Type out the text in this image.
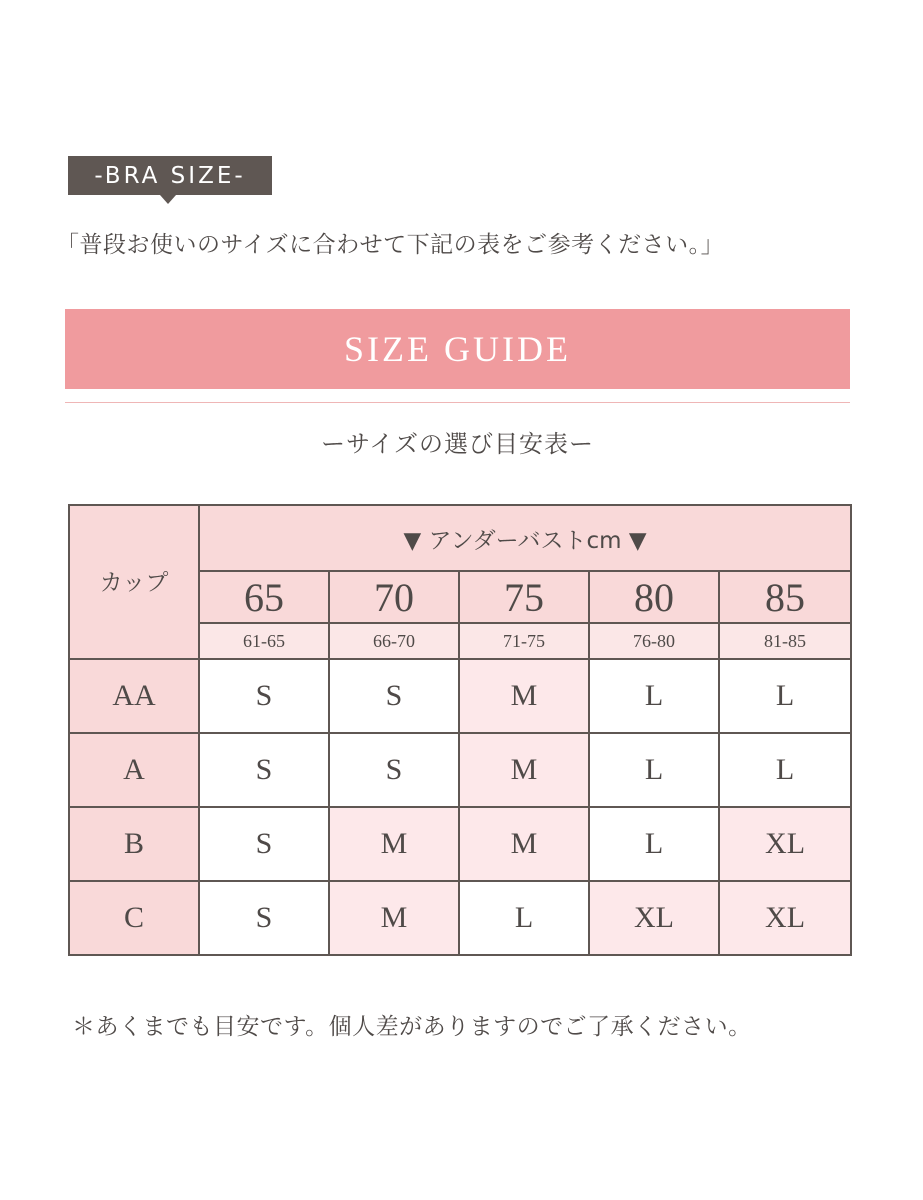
-BRA SIZE-
「普段お使いのサイズに合わせて下記の表をご参考ください。」
SIZE GUIDE
ーサイズの選び目安表ー
カップ	▼ アンダーバストcm ▼				
	65	70	75	80	85
	61-65	66-70	71-75	76-80	81-85
AA	S	S	M	L	L
A	S	S	M	L	L
B	S	M	M	L	XL
C	S	M	L	XL	XL
＊あくまでも目安です。個人差がありますのでご了承ください。
